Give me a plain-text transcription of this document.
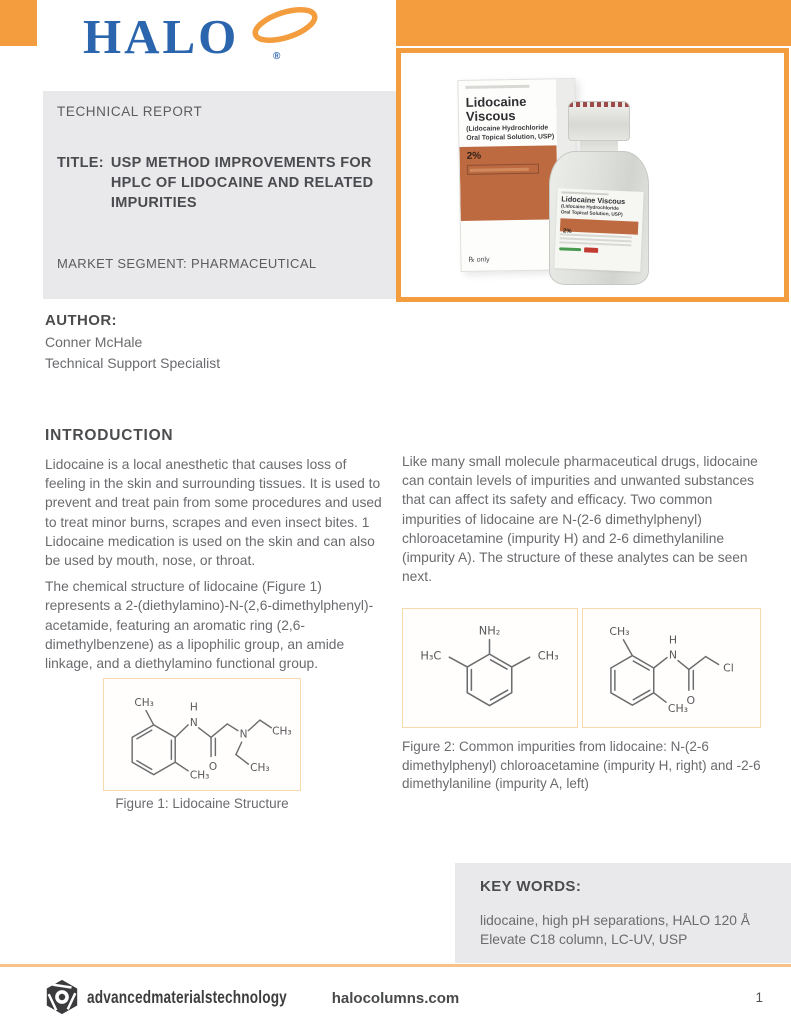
HALO	®
TECHNICAL REPORT
TITLE: USP METHOD IMPROVEMENTS FOR
HPLC OF LIDOCAINE AND RELATED
IMPURITIES
MARKET SEGMENT: PHARMACEUTICAL
Lidocaine
Viscous
(Lidocaine Hydrochloride
Oral Topical Solution, USP)
2%
℞ only
Lidocaine Viscous
(Lidocaine Hydrochloride
Oral Topical Solution, USP)
2%
AUTHOR:
Conner McHale
Technical Support Specialist
INTRODUCTION

Lidocaine is a local anesthetic that causes loss of feeling in the skin and surrounding tissues. It is used to prevent and treat pain from some procedures and used to treat minor burns, scrapes and even insect bites. 1 Lidocaine medication is used on the skin and can also be used by mouth, nose, or throat.

The chemical structure of lidocaine (Figure 1) represents a 2-(diethylamino)-N-(2,6-dimethylphenyl)-acetamide, featuring an aromatic ring (2,6-dimethylbenzene) as a lipophilic group, an amide linkage, and a diethylamino functional group.

Like many small molecule pharmaceutical drugs, lidocaine can contain levels of impurities and unwanted substances that can affect its safety and efficacy. Two common impurities of lidocaine are N-(2-6 dimethylphenyl) chloroacetamine (impurity H) and 2-6 dimethylaniline (impurity A). The structure of these analytes can be seen next.

CH₃
N
H
O
N CH₃
CH₃
CH₃
Figure 1: Lidocaine Structure
NH₂
H₃C	CH₃
CH₃
N
H
O
Cl
CH₃
Figure 2: Common impurities from lidocaine: N-(2-6 dimethylphenyl) chloroacetamine (impurity H, right) and -2-6 dimethylaniline (impurity A, left)
KEY WORDS:
lidocaine, high pH separations, HALO 120 Å Elevate C18 column, LC-UV, USP
advancedmaterialstechnology	halocolumns.com	1
